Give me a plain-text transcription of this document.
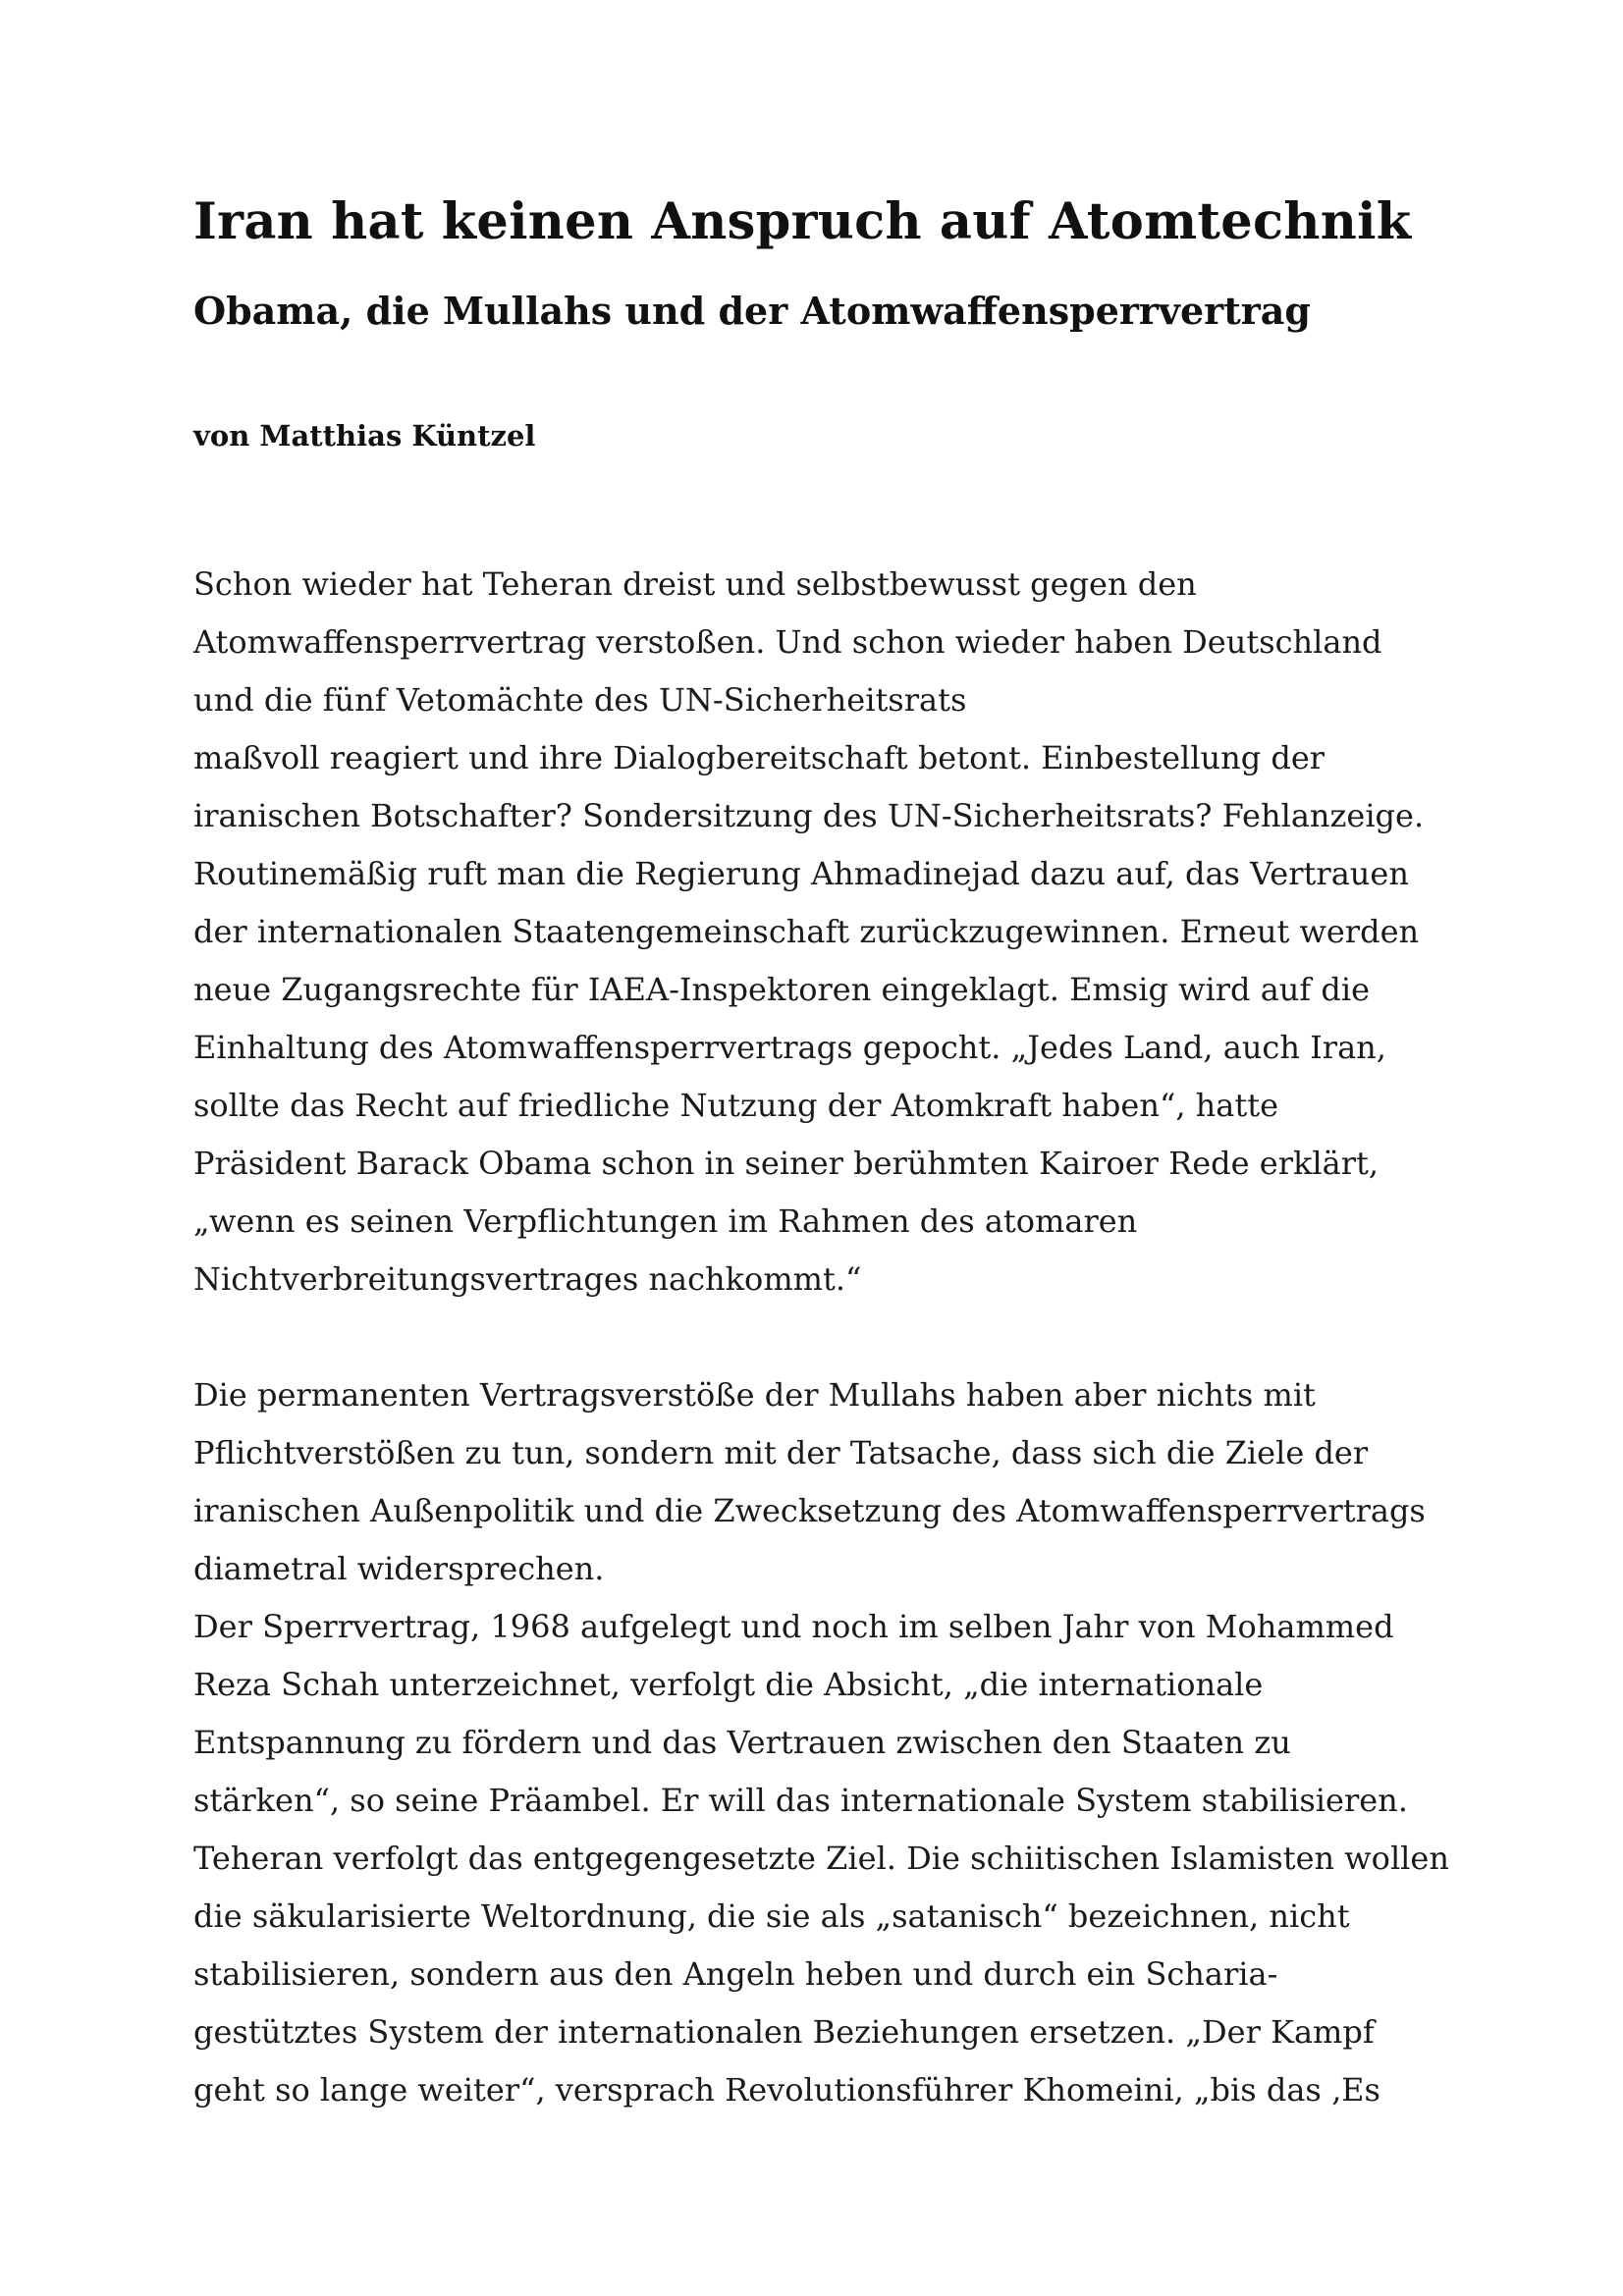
Iran hat keinen Anspruch auf Atomtechnik
Obama, die Mullahs und der Atomwaffensperrvertrag

von Matthias Küntzel

Schon wieder hat Teheran dreist und selbstbewusst gegen den
Atomwaffensperrvertrag verstoßen. Und schon wieder haben Deutschland
und die fünf Vetomächte des UN-Sicherheitsrats
maßvoll reagiert und ihre Dialogbereitschaft betont. Einbestellung der
iranischen Botschafter? Sondersitzung des UN-Sicherheitsrats? Fehlanzeige.
Routinemäßig ruft man die Regierung Ahmadinejad dazu auf, das Vertrauen
der internationalen Staatengemeinschaft zurückzugewinnen. Erneut werden
neue Zugangsrechte für IAEA-Inspektoren eingeklagt. Emsig wird auf die
Einhaltung des Atomwaffensperrvertrags gepocht. „Jedes Land, auch Iran,
sollte das Recht auf friedliche Nutzung der Atomkraft haben“, hatte
Präsident Barack Obama schon in seiner berühmten Kairoer Rede erklärt,
„wenn es seinen Verpflichtungen im Rahmen des atomaren
Nichtverbreitungsvertrages nachkommt.“
Die permanenten Vertragsverstöße der Mullahs haben aber nichts mit
Pflichtverstößen zu tun, sondern mit der Tatsache, dass sich die Ziele der
iranischen Außenpolitik und die Zwecksetzung des Atomwaffensperrvertrags
diametral widersprechen.
Der Sperrvertrag, 1968 aufgelegt und noch im selben Jahr von Mohammed
Reza Schah unterzeichnet, verfolgt die Absicht, „die internationale
Entspannung zu fördern und das Vertrauen zwischen den Staaten zu
stärken“, so seine Präambel. Er will das internationale System stabilisieren.
Teheran verfolgt das entgegengesetzte Ziel. Die schiitischen Islamisten wollen
die säkularisierte Weltordnung, die sie als „satanisch“ bezeichnen, nicht
stabilisieren, sondern aus den Angeln heben und durch ein Scharia-
gestütztes System der internationalen Beziehungen ersetzen. „Der Kampf
geht so lange weiter“, versprach Revolutionsführer Khomeini, „bis das ‚Es
